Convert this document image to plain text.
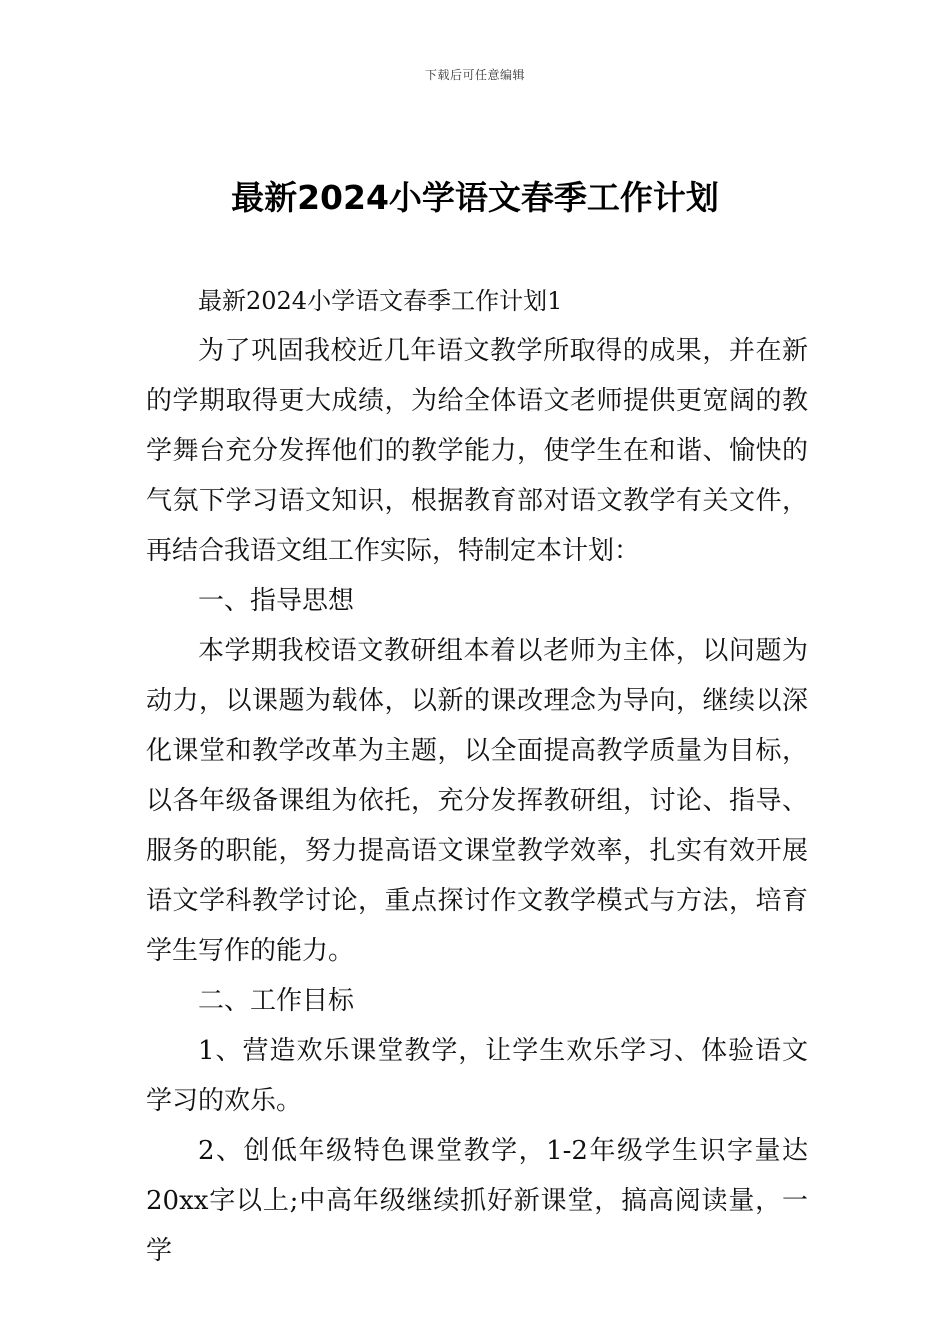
下载后可任意编辑
最新2024小学语文春季工作计划

最新2024小学语文春季工作计划1

为了巩固我校近几年语文教学所取得的成果，并在新的学期取得更大成绩，为给全体语文老师提供更宽阔的教学舞台充分发挥他们的教学能力，使学生在和谐、愉快的气氛下学习语文知识，根据教育部对语文教学有关文件，再结合我语文组工作实际，特制定本计划：

一、指导思想

本学期我校语文教研组本着以老师为主体，以问题为动力，以课题为载体，以新的课改理念为导向，继续以深化课堂和教学改革为主题，以全面提高教学质量为目标，以各年级备课组为依托，充分发挥教研组，讨论、指导、服务的职能，努力提高语文课堂教学效率，扎实有效开展语文学科教学讨论，重点探讨作文教学模式与方法，培育学生写作的能力。

二、工作目标

1、营造欢乐课堂教学，让学生欢乐学习、体验语文学习的欢乐。

2、创低年级特色课堂教学，1-2年级学生识字量达20xx字以上;中高年级继续抓好新课堂，搞高阅读量，一学
